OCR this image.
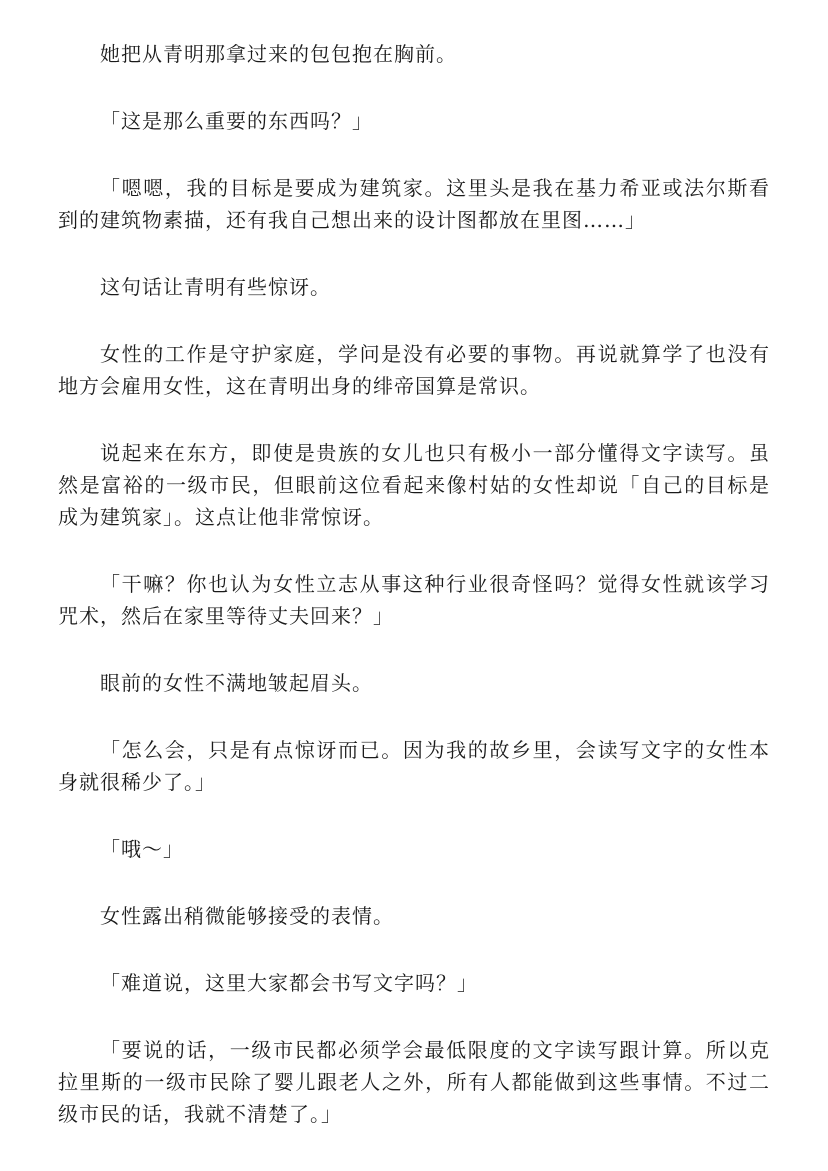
她把从青明那拿过来的包包抱在胸前。

「这是那么重要的东西吗？」

「嗯嗯，我的目标是要成为建筑家。这里头是我在基力希亚或法尔斯看到的建筑物素描，还有我自己想出来的设计图都放在里图……」

这句话让青明有些惊讶。

女性的工作是守护家庭，学问是没有必要的事物。再说就算学了也没有地方会雇用女性，这在青明出身的绯帝国算是常识。

说起来在东方，即使是贵族的女儿也只有极小一部分懂得文字读写。虽然是富裕的一级市民，但眼前这位看起来像村姑的女性却说「自己的目标是成为建筑家」。这点让他非常惊讶。

「干嘛？你也认为女性立志从事这种行业很奇怪吗？觉得女性就该学习咒术，然后在家里等待丈夫回来？」

眼前的女性不满地皱起眉头。

「怎么会，只是有点惊讶而已。因为我的故乡里，会读写文字的女性本身就很稀少了。」

「哦～」

女性露出稍微能够接受的表情。

「难道说，这里大家都会书写文字吗？」

「要说的话，一级市民都必须学会最低限度的文字读写跟计算。所以克拉里斯的一级市民除了婴儿跟老人之外，所有人都能做到这些事情。不过二级市民的话，我就不清楚了。」
